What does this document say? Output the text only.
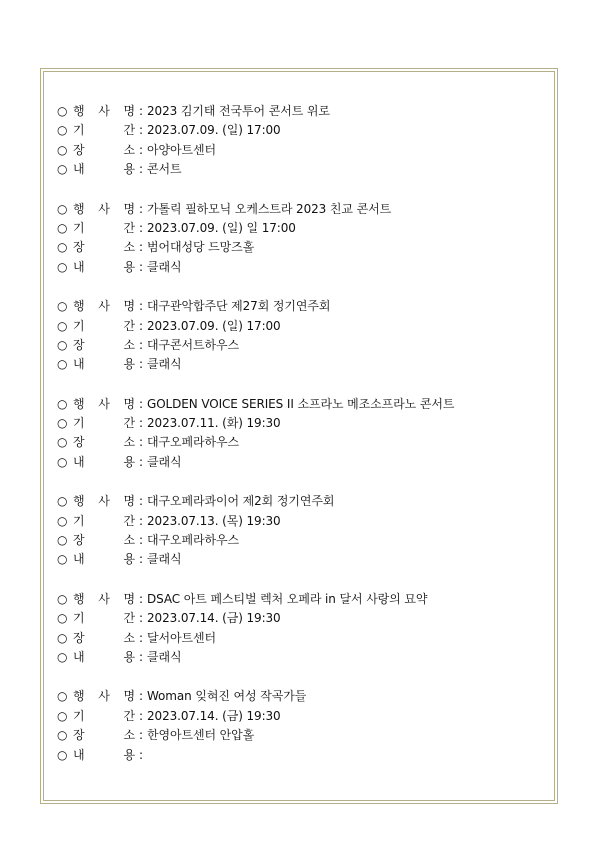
○ 행 사 명 : 2023 김기태 전국투어 콘서트 위로
○ 기	간 : 2023.07.09. (일) 17:00
○ 장	소 : 아양아트센터
○ 내	용 : 콘서트
○ 행 사 명 : 가톨릭 필하모닉 오케스트라 2023 친교 콘서트
○ 기	간 : 2023.07.09. (일) 일 17:00
○ 장	소 : 범어대성당 드망즈홀
○ 내	용 : 클래식
○ 행 사 명 : 대구관악합주단 제27회 정기연주회
○ 기	간 : 2023.07.09. (일) 17:00
○ 장	소 : 대구콘서트하우스
○ 내	용 : 클래식
○ 행 사 명 : GOLDEN VOICE SERIES II 소프라노 메조소프라노 콘서트
○ 기	간 : 2023.07.11. (화) 19:30
○ 장	소 : 대구오페라하우스
○ 내	용 : 클래식
○ 행 사 명 : 대구오페라콰이어 제2회 정기연주회
○ 기	간 : 2023.07.13. (목) 19:30
○ 장	소 : 대구오페라하우스
○ 내	용 : 클래식
○ 행 사 명 : DSAC 아트 페스티벌 렉처 오페라 in 달서 사랑의 묘약
○ 기	간 : 2023.07.14. (금) 19:30
○ 장	소 : 달서아트센터
○ 내	용 : 클래식
○ 행 사 명 : Woman 잊혀진 여성 작곡가들
○ 기	간 : 2023.07.14. (금) 19:30
○ 장	소 : 한영아트센터 안압홀
○ 내	용 :
